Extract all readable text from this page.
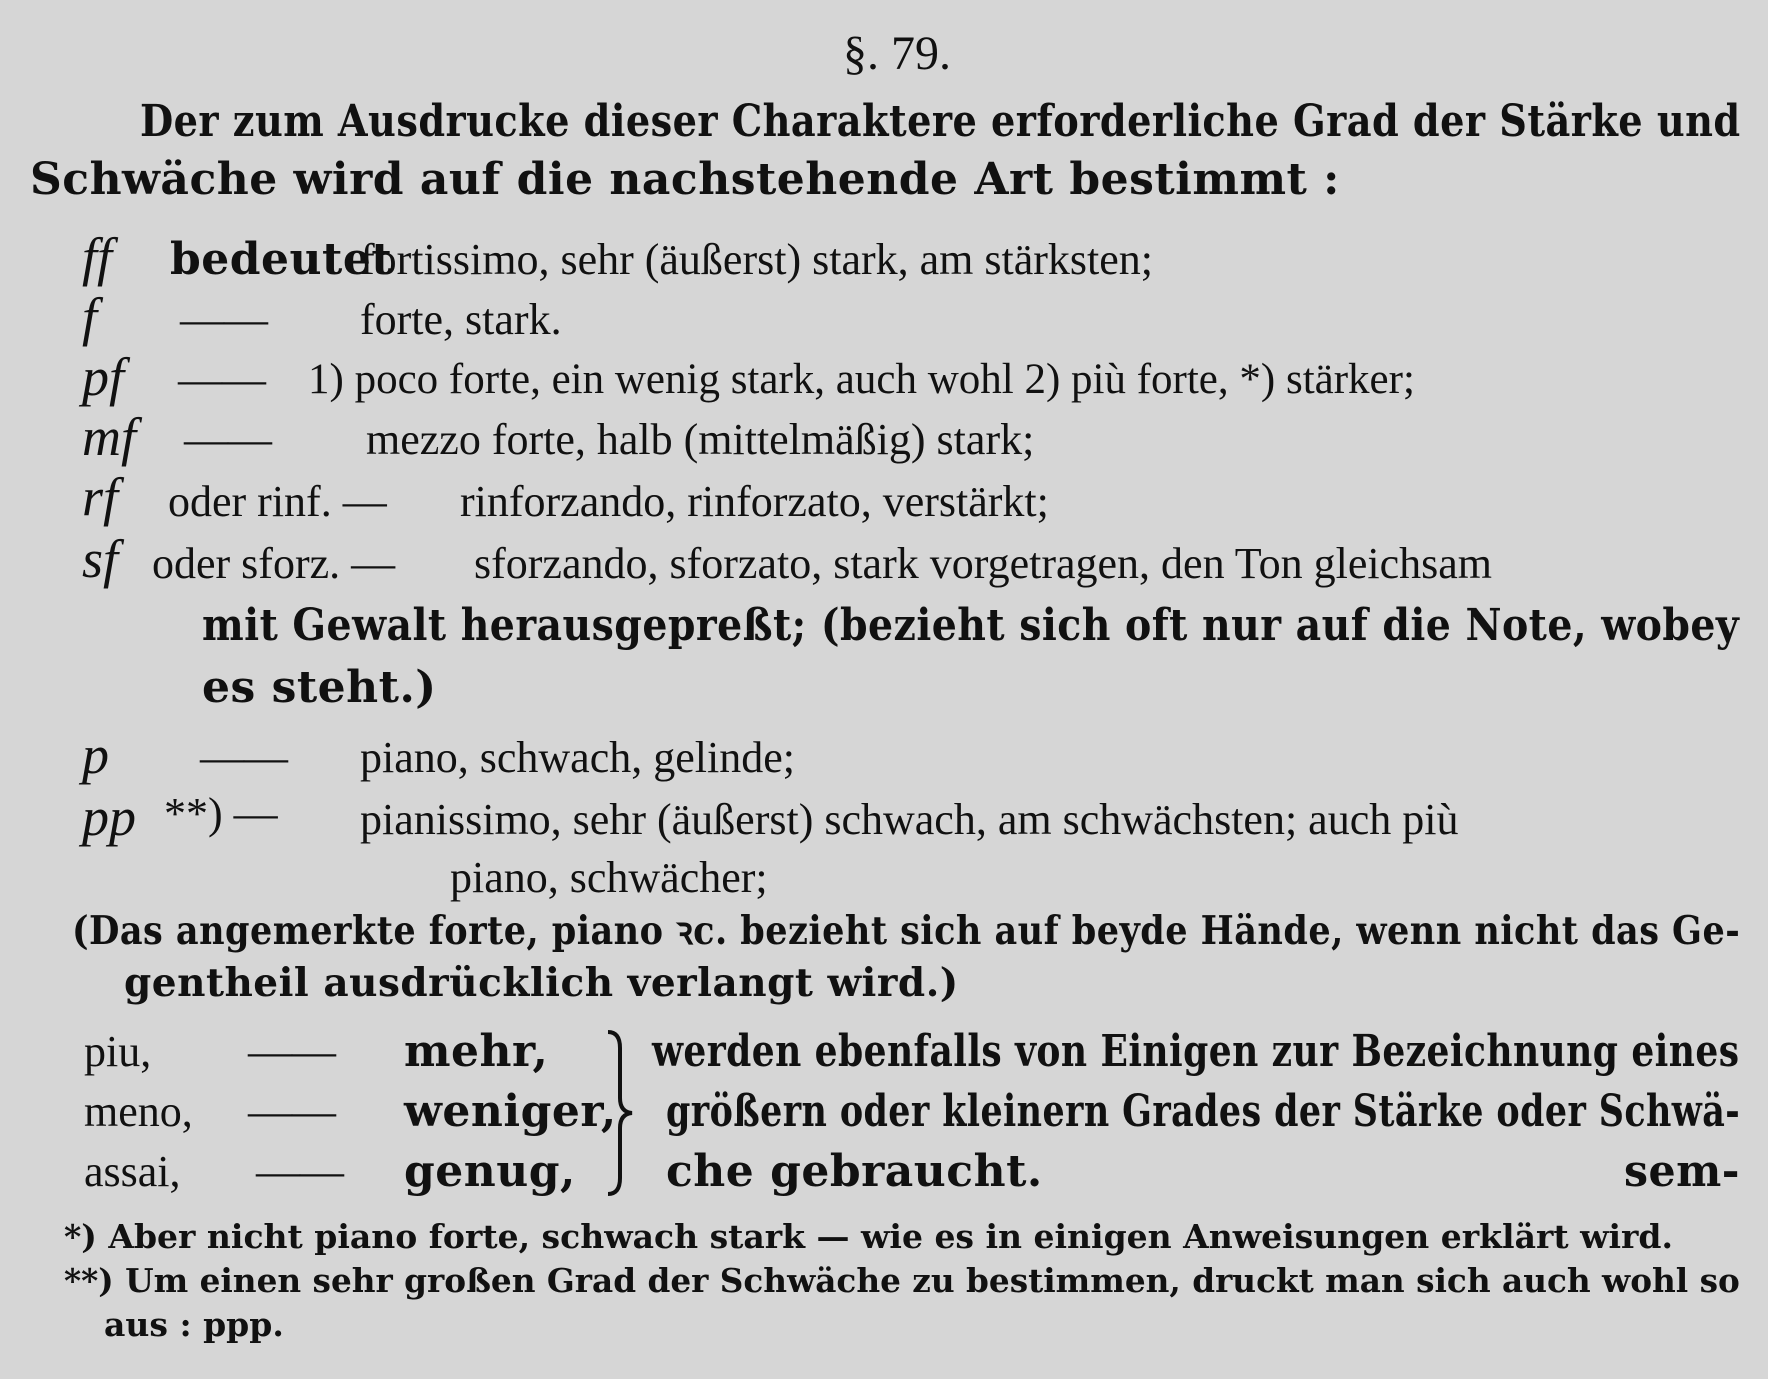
§. 79.
Der zum Ausdrucke dieser Charaktere erforderliche Grad der Stärke und
Schwäche wird auf die nachstehende Art bestimmt :
ff bedeutet
fortissimo, sehr (äußerst) stark, am stärksten;
f —— forte, stark.
pf —— 1) poco forte, ein wenig stark, auch wohl 2) più forte, *) stärker;
mf —— mezzo forte, halb (mittelmäßig) stark;
rf oder rinf. — rinforzando, rinforzato, verstärkt;
sf oder sforz. — sforzando, sforzato, stark vorgetragen, den Ton gleichsam
mit Gewalt herausgepreßt; (bezieht sich oft nur auf die Note, wobey
es steht.)
p —— piano, schwach, gelinde;
pp **) — pianissimo, sehr (äußerst) schwach, am schwächsten; auch più
piano, schwächer;
(Das angemerkte forte, piano ꝛc. bezieht sich auf beyde Hände, wenn nicht das Ge-
gentheil ausdrücklich verlangt wird.)
piu, —— mehr,
meno, —— weniger,
assai, —— genug,
werden ebenfalls von Einigen zur Bezeichnung eines
größern oder kleinern Grades der Stärke oder Schwä-
che gebraucht.	sem-
*) Aber nicht piano forte, schwach stark — wie es in einigen Anweisungen erklärt wird.
**) Um einen sehr großen Grad der Schwäche zu bestimmen, druckt man sich auch wohl so
aus : ppp.
